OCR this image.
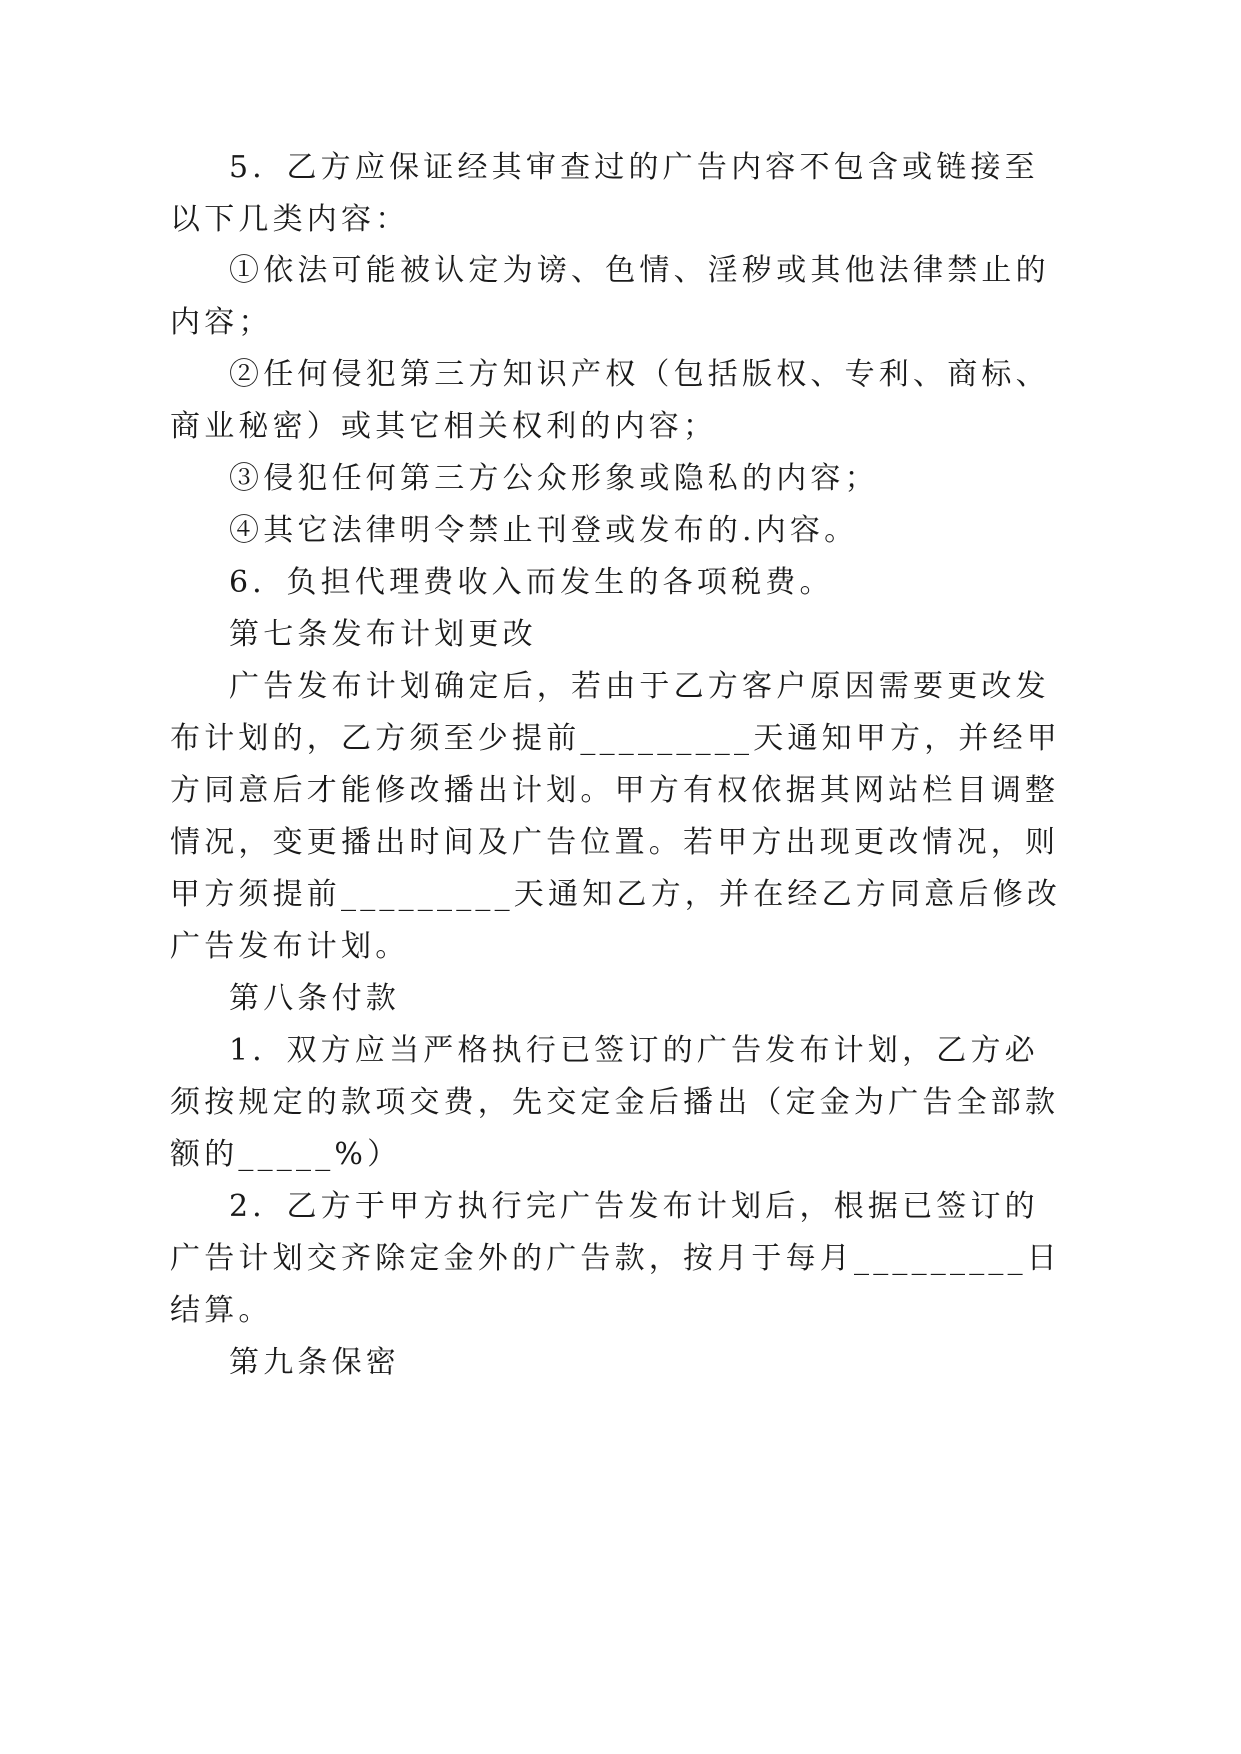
5．乙方应保证经其审查过的广告内容不包含或链接至
以下几类内容：
①依法可能被认定为谤、色情、淫秽或其他法律禁止的
内容；
②任何侵犯第三方知识产权（包括版权、专利、商标、
商业秘密）或其它相关权利的内容；
③侵犯任何第三方公众形象或隐私的内容；
④其它法律明令禁止刊登或发布的.内容。
6．负担代理费收入而发生的各项税费。
第七条发布计划更改
广告发布计划确定后，若由于乙方客户原因需要更改发
布计划的，乙方须至少提前_________天通知甲方，并经甲
方同意后才能修改播出计划。甲方有权依据其网站栏目调整
情况，变更播出时间及广告位置。若甲方出现更改情况，则
甲方须提前_________天通知乙方，并在经乙方同意后修改
广告发布计划。
第八条付款
1．双方应当严格执行已签订的广告发布计划，乙方必
须按规定的款项交费，先交定金后播出（定金为广告全部款
额的_____%）
2．乙方于甲方执行完广告发布计划后，根据已签订的
广告计划交齐除定金外的广告款，按月于每月_________日
结算。
第九条保密
